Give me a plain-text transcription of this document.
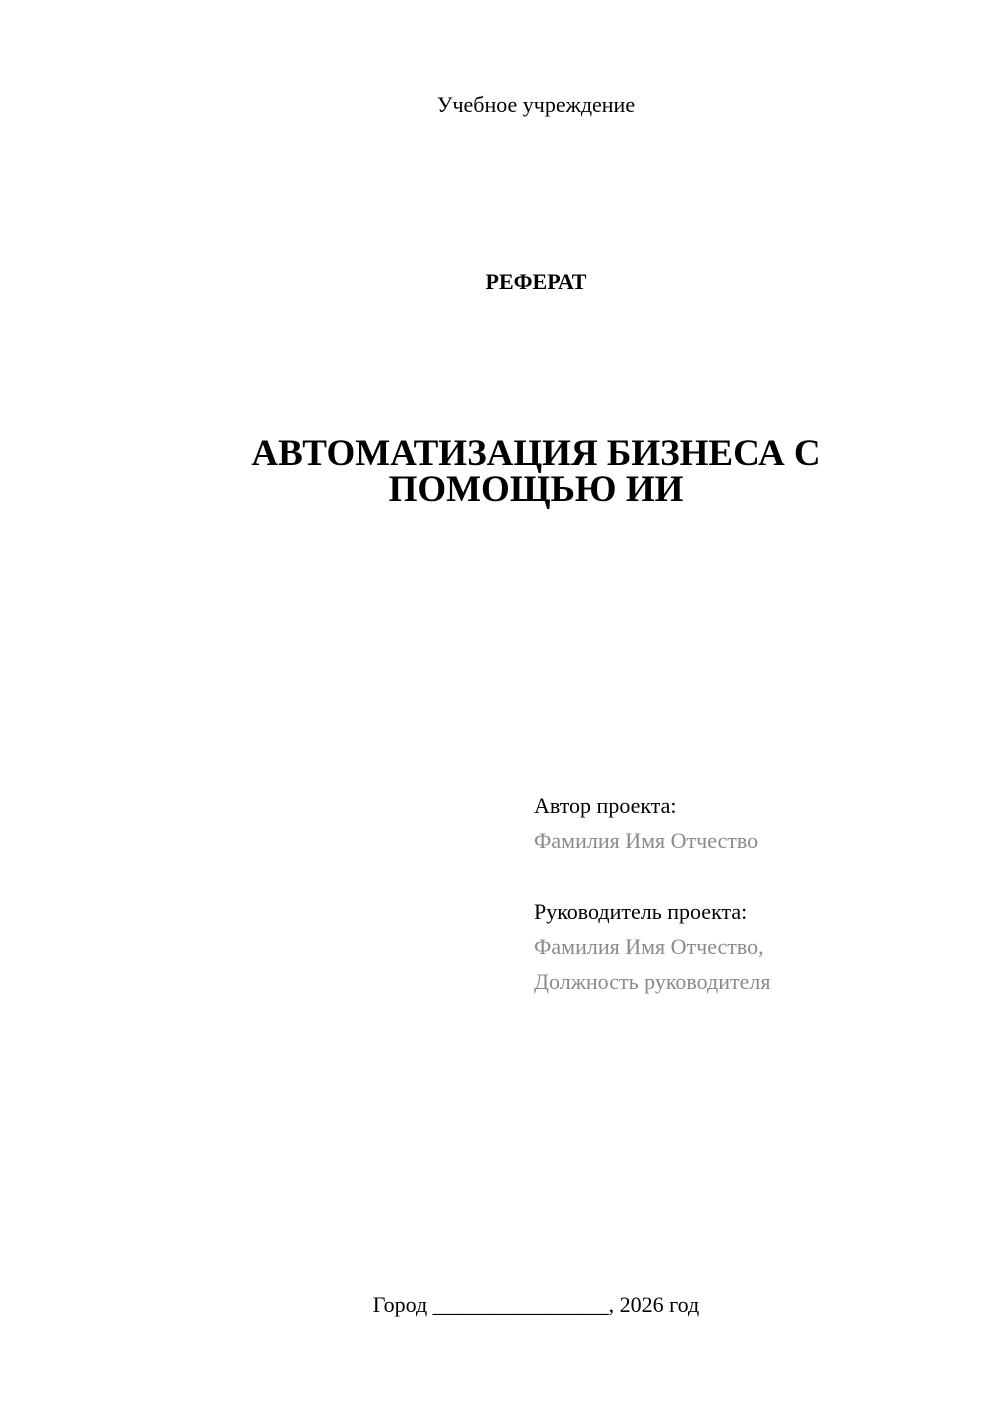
Учебное учреждение
РЕФЕРАТ
АВТОМАТИЗАЦИЯ БИЗНЕСА С
ПОМОЩЬЮ ИИ
Автор проекта:
Фамилия Имя Отчество
Руководитель проекта:
Фамилия Имя Отчество,
Должность руководителя
Город ________________, 2026 год
